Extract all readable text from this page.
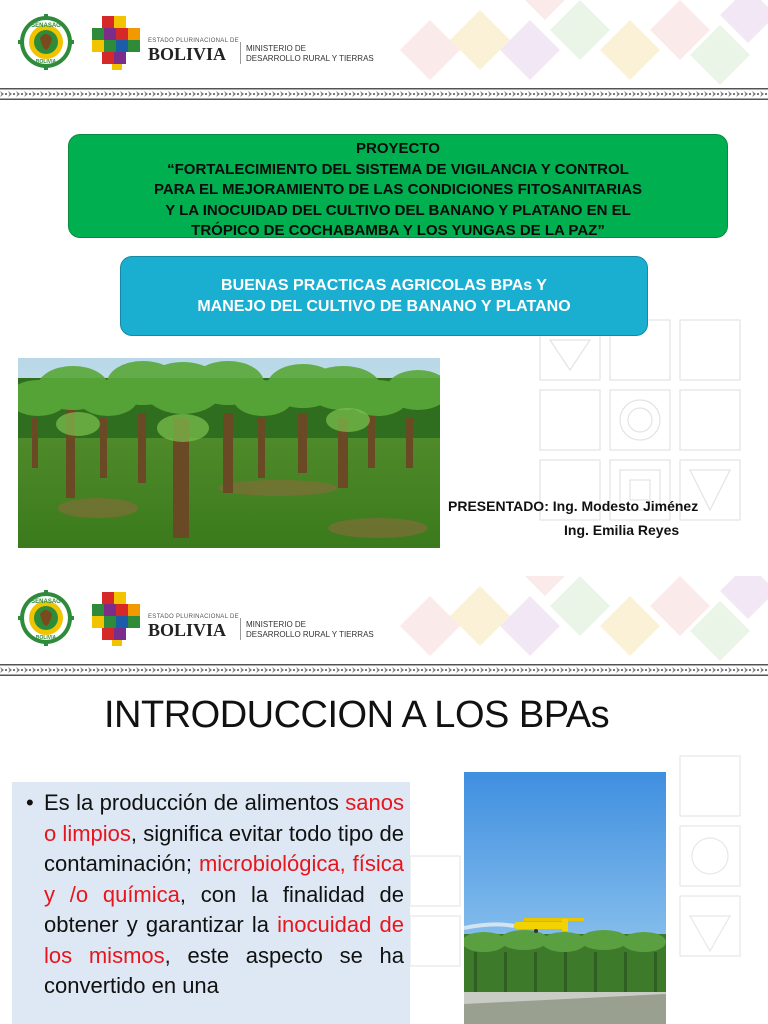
SENASAG
BOLIVIA
ESTADO PLURINACIONAL DE
BOLIVIA MINISTERIO DE
DESARROLLO RURAL Y TIERRAS
PROYECTO
“FORTALECIMIENTO DEL SISTEMA DE VIGILANCIA Y CONTROL
PARA EL MEJORAMIENTO DE LAS CONDICIONES FITOSANITARIAS
Y LA INOCUIDAD DEL CULTIVO DEL BANANO Y PLATANO EN EL
TRÓPICO DE COCHABAMBA Y LOS YUNGAS DE LA PAZ”
BUENAS PRACTICAS AGRICOLAS BPAs Y
MANEJO DEL CULTIVO DE BANANO Y PLATANO
PRESENTADO: Ing. Modesto Jiménez
Ing. Emilia Reyes
SENASAG
BOLIVIA
ESTADO PLURINACIONAL DE
BOLIVIA MINISTERIO DE
DESARROLLO RURAL Y TIERRAS
INTRODUCCION A LOS BPAs

• Es la producción de alimentos sanos o limpios, significa evitar todo tipo de contaminación; microbiológica, física y /o química, con la finalidad de obtener y garantizar la inocuidad de los mismos, este aspecto se ha convertido en una
